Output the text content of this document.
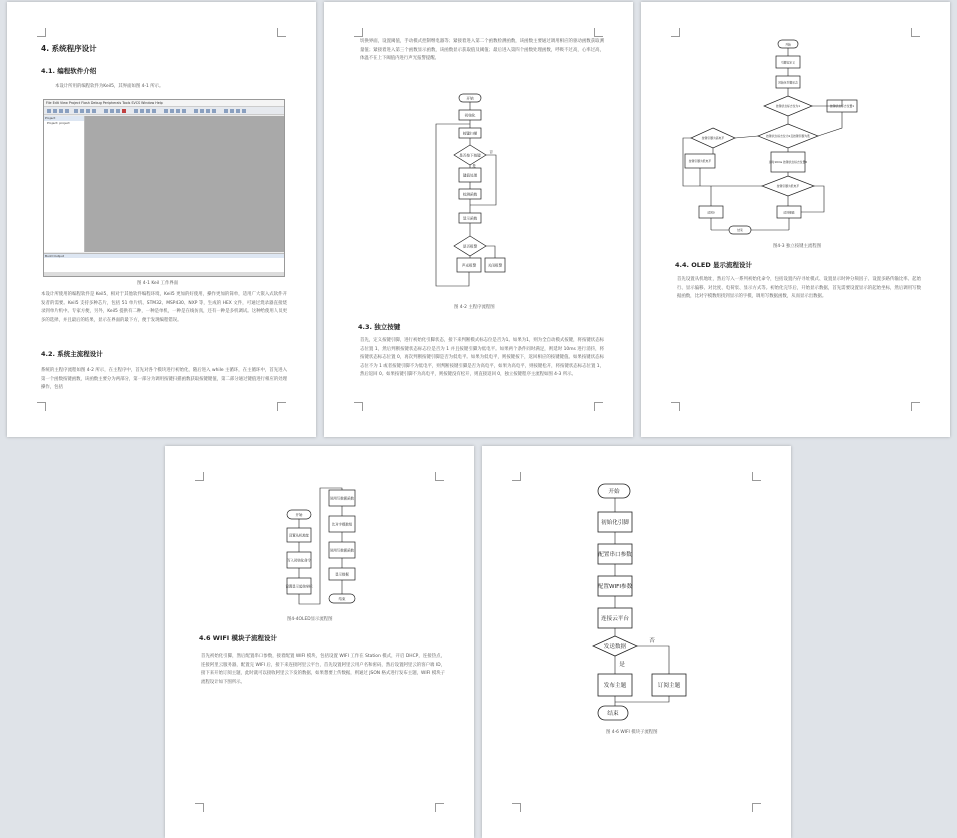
4. 系统程序设计
4.1. 编程软件介绍
本设计所用的编程软件为Keil5，其界面如图 4-1 所示。
File Edit View Project Flash Debug Peripherals Tools SVCS Window Help
Project
Project: project
Build Output
图 4-1 Keil 工作界面
本设计所使用的编程软件是 Keil5，相对于其他软件编程环境，Keil5 更加的好使用，操作更加的简单，适用广大嵌入式软件开发者的需要。Keil5 支持多种芯片，包括 51 单片机、STM32、MSP430、NXP 等，生成的 HEX 文件，可通过烧录器直接烧录到单片机中。专家方便，另外，Keil5 提供有二种，一种是单机，一种是在线仿真，还有一种是多机调试。这种给使用人员更多的选择，并且最后的结果，显示在界面的最下方，便于发现编程错误。
4.2. 系统主流程设计
系统的主程序流程如图 4-2 所示，在主程序中，首先对各个模块进行初始化，随后进入 while 主循环，在主循环中，首先进入第一个函数按键函数，该函数主要分为两部分，第一部分为调用按键扫描函数获取按键键值，第二部分通过键值进行相应的处理操作，包括
切换界面，设置阈值，手动模式控制继电器等；紧接着进入第二个函数检测函数，该函数主要通过调用相应的驱动函数获取测量值；紧接着进入第三个函数显示函数，该函数显示获取值及阈值；最后进入第四个函数处理函数，呼吸不过高，心率过高，体温不在上下阈值内进行声光报警提醒。
开始
初始化
按键扫描
是否按下按键
键值处理
检测函数
显示函数
是否报警
声光报警	关闭报警
是
否
图 4-2 主程序流程图
4.3. 独立按键
首先，定义按键引脚，进行初始化引脚状态，接下来判断模式标志位是否为1。如果为1，则为全自动模式按键，将按键状态标志位置 1，然后判断按键状态标志位是否为 1 并且按键引脚为低电平。如果两个条件同时满足，则延时 10ms 进行消抖，将按键状态标志位置 0，再次判断按键引脚是否为低电平。如果为低电平，则按键按下，返回相应的按键键值。如果按键状态标志位不为 1 或者按键引脚不为低电平，则判断按键引脚是否为高电平，如果为高电平，则按键松开，将按键状态标志位置 1，然后返回 0。如果按键引脚不为高电平，则按键没有松开，则直接返回 0，独立按键程序主流程如图 4-3 所示。
开始
引脚宏定义
初始化引脚状态
按键状态标志位为1	按键状态标志位置1
按键状态标志位为1且按键引脚为低
按键引脚为高电平
按键引脚为低电平	延时10ms 按键状态标志位置0
按键引脚为低电平
返回0	返回键值
结束
图4-3 独立按键主流程图
4.4. OLED 显示流程设计
首先设置从机地址，然后写入一系列初始化命令，包括设置内存寻址模式、设置显示时钟分频因子、设置多路传输比率、起始行、显示偏移、对比度、电荷泵、显示方式等。初始化完毕后，开始显示数据，首先需要设置显示的起始坐标，然后调用写数据函数，比对字模数组找到显示的字模，调用写数据函数，从而显示出数据。
开始
设置从机地址
写入初始化命令
设置显示起始坐标
调用写数据函数
比对字模数组
调用写数据函数
显示数据
结束
图4-4OLED显示流程图
4.6 WIFI 模块子流程设计
首先初始化引脚，然后配置串口参数，接着配置 WIFI 模块，包括设置 WIFI 工作在 Station 模式，开启 DHCP，连接热点，连接阿里云服务器，配置完 WIFI 后，接下来连接阿里云平台，首先设置阿里云用户名和密码，然后设置阿里云的客户端 ID，接下来开始订阅主题，此时就可以接收阿里云下发的数据，如果想要上传数据，则通过 JSON 格式进行发布主题，WIFI 模块子流程设计如下图所示。
开始
初始化引脚
配置串口参数
配置WIFI参数
连接云平台
发送数据
发布主题	订阅主题
结束
是
否
图 4-6 WIFI 模块子流程图
